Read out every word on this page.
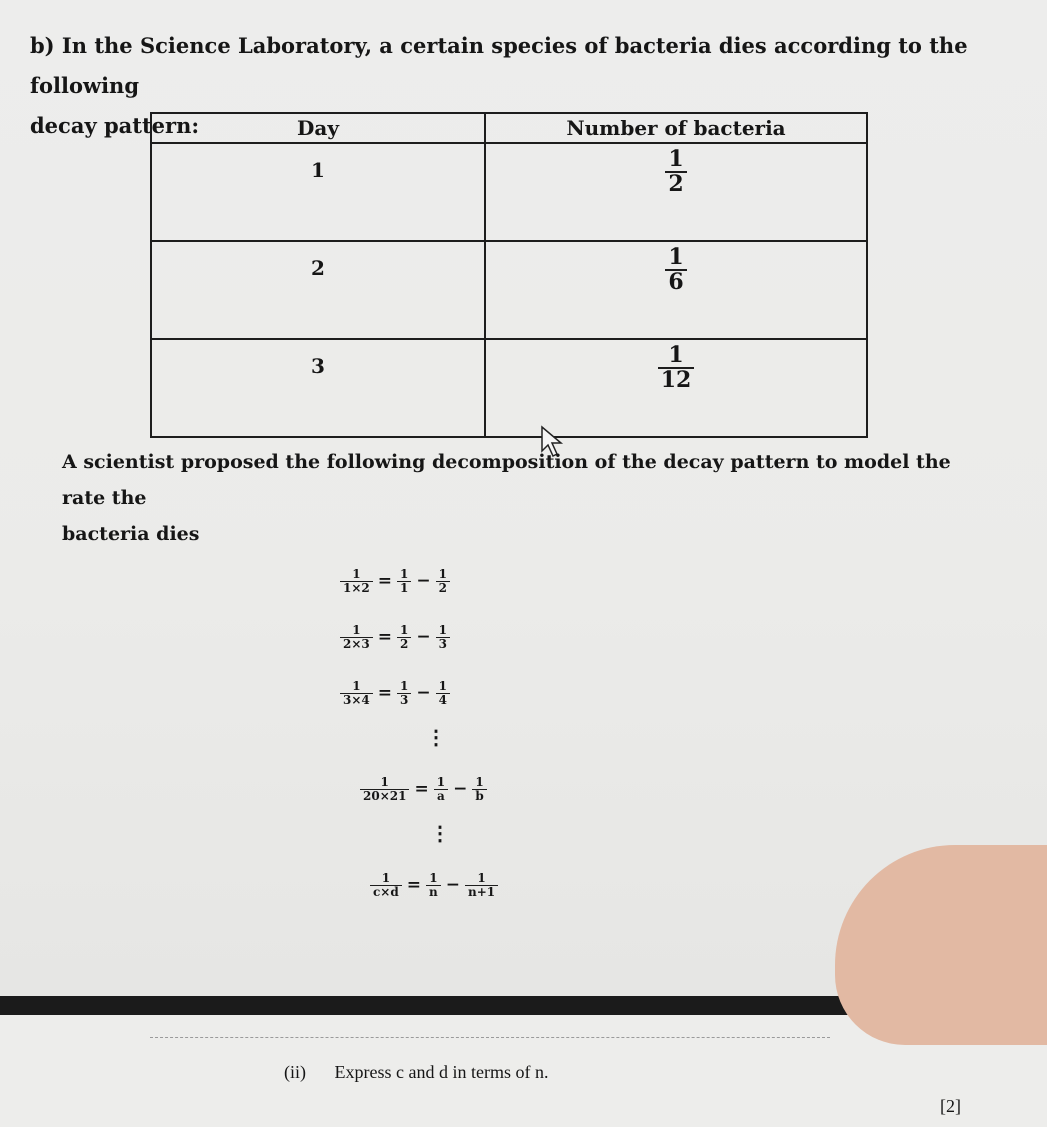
b) In the Science Laboratory, a certain species of bacteria dies according to the following
decay pattern:	Day	Number of bacteria
1	$\frac{1}{2}$

2	$\frac{1}{6}$

3	$\frac{1}{12}$
A scientist proposed the following decomposition of the decay pattern to model the rate the
bacteria dies
$\frac{1}{1\times 2} = \frac{1}{1} - \frac{1}{2}$
$\frac{1}{2\times 3} = \frac{1}{2} - \frac{1}{3}$
$\frac{1}{3\times 4} = \frac{1}{3} - \frac{1}{4}$
⋮
$\frac{1}{20\times 21} = \frac{1}{a} - \frac{1}{b}$
⋮
$\frac{1}{c\times d} = \frac{1}{n} - \frac{1}{n+1}$
(ii) Express c and d in terms of n.
[2]
